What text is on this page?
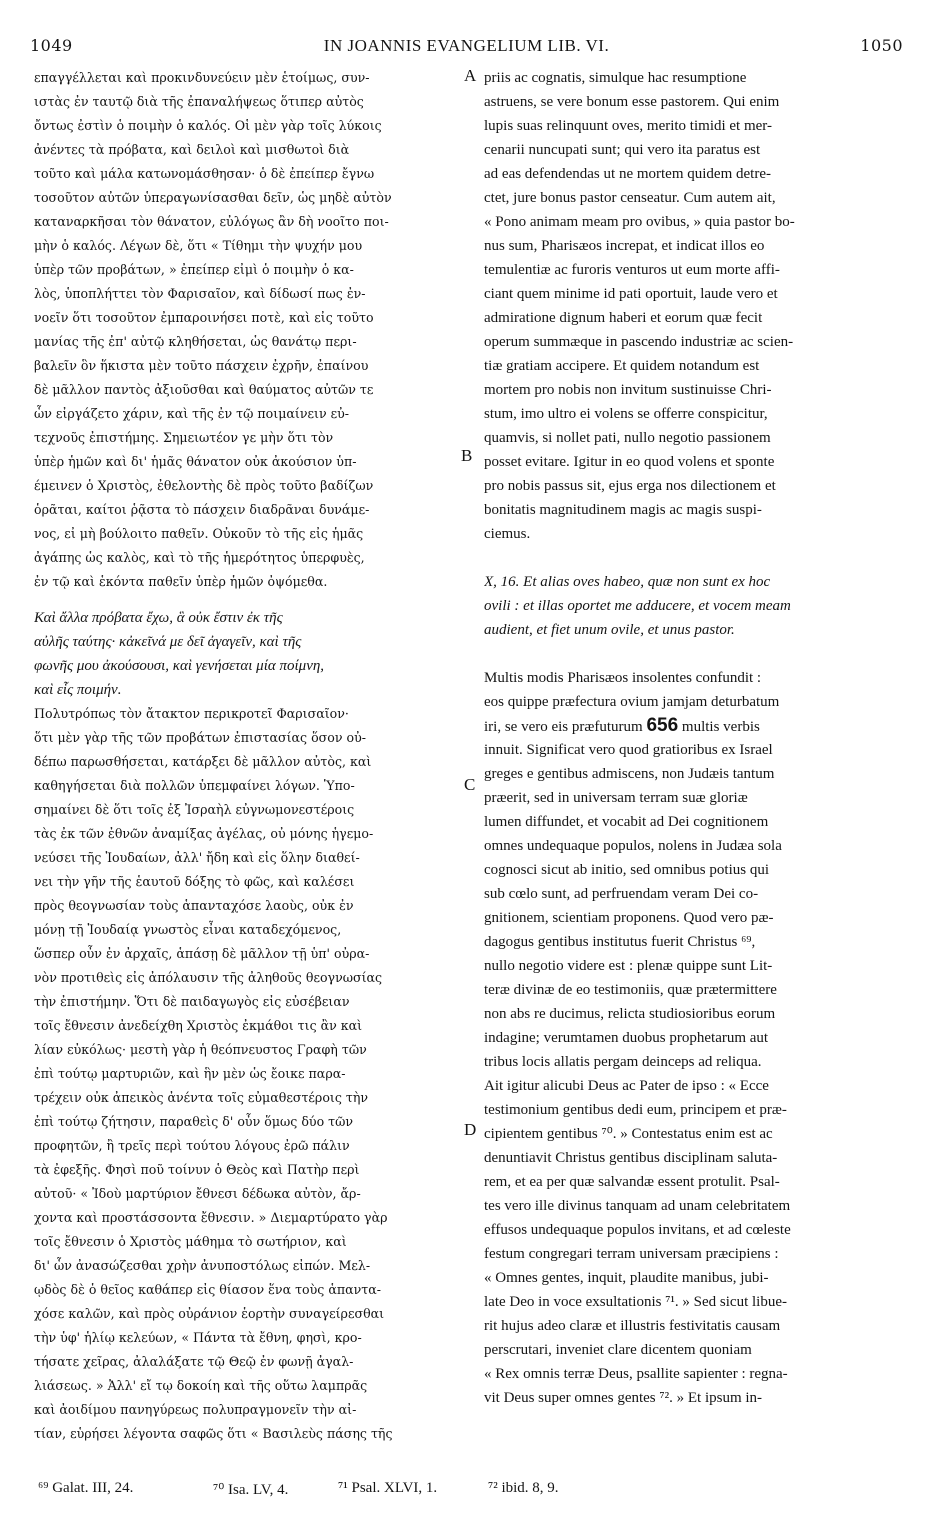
1049	IN JOANNIS EVANGELIUM LIB. VI.	1050
επαγγέλλεται καὶ προκινδυνεύειν μὲν ἑτοίμως, συν-
ιστὰς ἐν ταυτῷ διὰ τῆς ἐπαναλήψεως ὅτιπερ αὐτὸς
ὄντως ἐστὶν ὁ ποιμὴν ὁ καλός. Οἱ μὲν γὰρ τοῖς λύκοις
ἀνέντες τὰ πρόβατα, καὶ δειλοὶ καὶ μισθωτοὶ διὰ
τοῦτο καὶ μάλα κατωνομάσθησαν· ὁ δὲ ἐπείπερ ἔγνω
τοσοῦτον αὐτῶν ὑπεραγωνίσασθαι δεῖν, ὡς μηδὲ αὐτὸν
καταναρκῆσαι τὸν θάνατον, εὐλόγως ἂν δὴ νοοῖτο ποι-
μὴν ὁ καλός. Λέγων δὲ, ὅτι « Τίθημι τὴν ψυχήν μου
ὑπὲρ τῶν προβάτων, » ἐπείπερ εἰμὶ ὁ ποιμὴν ὁ κα-
λὸς, ὑποπλήττει τὸν Φαρισαῖον, καὶ δίδωσί πως ἐν-
νοεῖν ὅτι τοσοῦτον ἐμπαροινήσει ποτὲ, καὶ εἰς τοῦτο
μανίας τῆς ἐπ' αὐτῷ κληθήσεται, ὡς θανάτῳ περι-
βαλεῖν ὃν ἥκιστα μὲν τοῦτο πάσχειν ἐχρῆν, ἐπαίνου
δὲ μᾶλλον παντὸς ἀξιοῦσθαι καὶ θαύματος αὐτῶν τε
ὧν εἰργάζετο χάριν, καὶ τῆς ἐν τῷ ποιμαίνειν εὐ-
τεχνοῦς ἐπιστήμης. Σημειωτέον γε μὴν ὅτι τὸν
ὑπὲρ ἡμῶν καὶ δι' ἡμᾶς θάνατον οὐκ ἀκούσιον ὑπ-
έμεινεν ὁ Χριστὸς, ἐθελοντὴς δὲ πρὸς τοῦτο βαδίζων
ὁρᾶται, καίτοι ῥᾷστα τὸ πάσχειν διαδρᾶναι δυνάμε-
νος, εἰ μὴ βούλοιτο παθεῖν. Οὐκοῦν τὸ τῆς εἰς ἡμᾶς
ἀγάπης ὡς καλὸς, καὶ τὸ τῆς ἡμερότητος ὑπερφυὲς,
ἐν τῷ καὶ ἑκόντα παθεῖν ὑπὲρ ἡμῶν ὀψόμεθα.
Καὶ ἄλλα πρόβατα ἔχω, ἃ οὐκ ἔστιν ἐκ τῆς
αὐλῆς ταύτης· κἀκεῖνά με δεῖ ἀγαγεῖν, καὶ τῆς
φωνῆς μου ἀκούσουσι, καὶ γενήσεται μία ποίμνη,
καὶ εἷς ποιμήν.
Πολυτρόπως τὸν ἄτακτον περικροτεῖ Φαρισαῖον·
ὅτι μὲν γὰρ τῆς τῶν προβάτων ἐπιστασίας ὅσον οὐ-
δέπω παρωσθήσεται, κατάρξει δὲ μᾶλλον αὐτὸς, καὶ
καθηγήσεται διὰ πολλῶν ὑπεμφαίνει λόγων. Ὑπο-
σημαίνει δὲ ὅτι τοῖς ἐξ Ἰσραὴλ εὐγνωμονεστέροις
τὰς ἐκ τῶν ἐθνῶν ἀναμίξας ἀγέλας, οὐ μόνης ἡγεμο-
νεύσει τῆς Ἰουδαίων, ἀλλ' ἤδη καὶ εἰς ὅλην διαθεί-
νει τὴν γῆν τῆς ἑαυτοῦ δόξης τὸ φῶς, καὶ καλέσει
πρὸς θεογνωσίαν τοὺς ἁπανταχόσε λαοὺς, οὐκ ἐν
μόνῃ τῇ Ἰουδαίᾳ γνωστὸς εἶναι καταδεχόμενος,
ὥσπερ οὖν ἐν ἀρχαῖς, ἁπάσῃ δὲ μᾶλλον τῇ ὑπ' οὐρα-
νὸν προτιθεὶς εἰς ἀπόλαυσιν τῆς ἀληθοῦς θεογνωσίας
τὴν ἐπιστήμην. Ὅτι δὲ παιδαγωγὸς εἰς εὐσέβειαν
τοῖς ἔθνεσιν ἀνεδείχθη Χριστὸς ἐκμάθοι τις ἂν καὶ
λίαν εὐκόλως· μεστὴ γὰρ ἡ θεόπνευστος Γραφὴ τῶν
ἐπὶ τούτῳ μαρτυριῶν, καὶ ἣν μὲν ὡς ἔοικε παρα-
τρέχειν οὐκ ἀπεικὸς ἀνέντα τοῖς εὐμαθεστέροις τὴν
ἐπὶ τούτῳ ζήτησιν, παραθεὶς δ' οὖν ὅμως δύο τῶν
προφητῶν, ἢ τρεῖς περὶ τούτου λόγους ἐρῶ πάλιν
τὰ ἐφεξῆς. Φησὶ ποῦ τοίνυν ὁ Θεὸς καὶ Πατὴρ περὶ
αὐτοῦ· « Ἰδοὺ μαρτύριον ἔθνεσι δέδωκα αὐτὸν, ἄρ-
χοντα καὶ προστάσσοντα ἔθνεσιν. » Διεμαρτύρατο γὰρ
τοῖς ἔθνεσιν ὁ Χριστὸς μάθημα τὸ σωτήριον, καὶ
δι' ὧν ἀνασώζεσθαι χρὴν ἀνυποστόλως εἰπών. Μελ-
ῳδὸς δὲ ὁ θεῖος καθάπερ εἰς θίασον ἕνα τοὺς ἁπαντα-
χόσε καλῶν, καὶ πρὸς οὐράνιον ἑορτὴν συναγείρεσθαι
τὴν ὑφ' ἡλίῳ κελεύων, « Πάντα τὰ ἔθνη, φησὶ, κρο-
τήσατε χεῖρας, ἀλαλάξατε τῷ Θεῷ ἐν φωνῇ ἀγαλ-
λιάσεως. » Ἀλλ' εἴ τῳ δοκοίη καὶ τῆς οὕτω λαμπρᾶς
καὶ ἀοιδίμου πανηγύρεως πολυπραγμονεῖν τὴν αἰ-
τίαν, εὑρήσει λέγοντα σαφῶς ὅτι « Βασιλεὺς πάσης τῆς
priis ac cognatis, simulque hac resumptione
astruens, se vere bonum esse pastorem. Qui enim
lupis suas relinquunt oves, merito timidi et mer-
cenarii nuncupati sunt; qui vero ita paratus est
ad eas defendendas ut ne mortem quidem detre-
ctet, jure bonus pastor censeatur. Cum autem ait,
« Pono animam meam pro ovibus, » quia pastor bo-
nus sum, Pharisæos increpat, et indicat illos eo
temulentiæ ac furoris venturos ut eum morte affi-
ciant quem minime id pati oportuit, laude vero et
admiratione dignum haberi et eorum quæ fecit
operum summæque in pascendo industriæ ac scien-
tiæ gratiam accipere. Et quidem notandum est
mortem pro nobis non invitum sustinuisse Chri-
stum, imo ultro ei volens se offerre conspicitur,
quamvis, si nollet pati, nullo negotio passionem
posset evitare. Igitur in eo quod volens et sponte
pro nobis passus sit, ejus erga nos dilectionem et
bonitatis magnitudinem magis ac magis suspi-
ciemus.
X, 16. Et alias oves habeo, quæ non sunt ex hoc
ovili : et illas oportet me adducere, et vocem meam
audient, et fiet unum ovile, et unus pastor.
Multis modis Pharisæos insolentes confundit :
eos quippe præfectura ovium jamjam deturbatum
iri, se vero eis præfuturum 656 multis verbis
innuit. Significat vero quod gratioribus ex Israel
greges e gentibus admiscens, non Judæis tantum
præerit, sed in universam terram suæ gloriæ
lumen diffundet, et vocabit ad Dei cognitionem
omnes undequaque populos, nolens in Judæa sola
cognosci sicut ab initio, sed omnibus potius qui
sub cœlo sunt, ad perfruendam veram Dei co-
gnitionem, scientiam proponens. Quod vero pæ-
dagogus gentibus institutus fuerit Christus ⁶⁹,
nullo negotio videre est : plenæ quippe sunt Lit-
teræ divinæ de eo testimoniis, quæ prætermittere
non abs re ducimus, relicta studiosioribus eorum
indagine; verumtamen duobus prophetarum aut
tribus locis allatis pergam deinceps ad reliqua.
Ait igitur alicubi Deus ac Pater de ipso : « Ecce
testimonium gentibus dedi eum, principem et præ-
cipientem gentibus ⁷⁰. » Contestatus enim est ac
denuntiavit Christus gentibus disciplinam saluta-
rem, et ea per quæ salvandæ essent protulit. Psal-
tes vero ille divinus tanquam ad unam celebritatem
effusos undequaque populos invitans, et ad cœleste
festum congregari terram universam præcipiens :
« Omnes gentes, inquit, plaudite manibus, jubi-
late Deo in voce exsultationis ⁷¹. » Sed sicut libue-
rit hujus adeo claræ et illustris festivitatis causam
perscrutari, inveniet clare dicentem quoniam
« Rex omnis terræ Deus, psallite sapienter : regna-
vit Deus super omnes gentes ⁷². » Et ipsum in-
A
B
C
D
⁶⁹ Galat. III, 24.	⁷⁰ Isa. LV, 4.	⁷¹ Psal. XLVI, 1.	⁷² ibid. 8, 9.
